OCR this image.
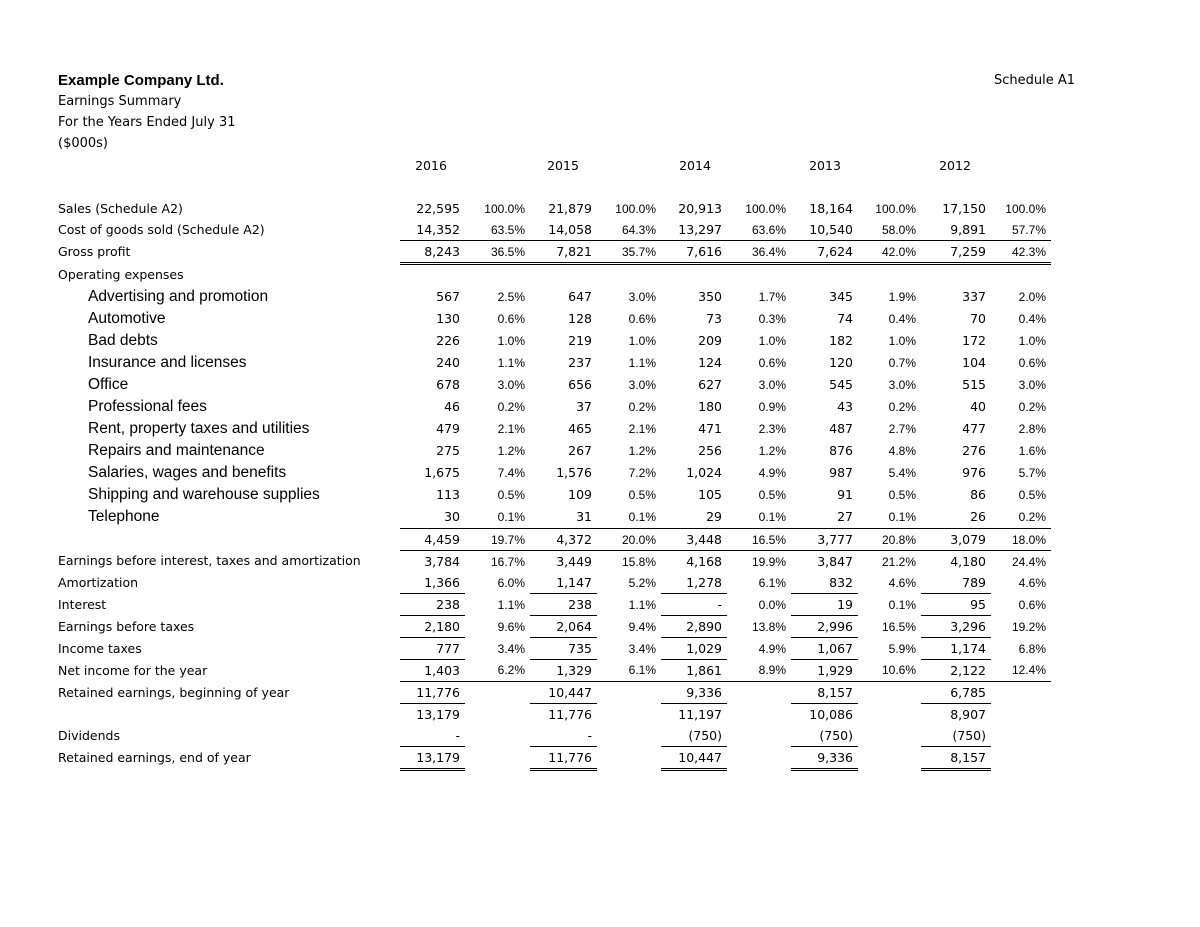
Example Company Ltd.
Earnings Summary
For the Years Ended July 31
($000s)
Schedule A1
2016	2015	2014	2013	2012
Sales (Schedule A2)	22,595	100.0%	21,879	100.0%	20,913	100.0%	18,164	100.0%	17,150	100.0%
Cost of goods sold (Schedule A2)	14,352	63.5%	14,058	64.3%	13,297	63.6%	10,540	58.0%	9,891	57.7%
Gross profit	8,243	36.5%	7,821	35.7%	7,616	36.4%	7,624	42.0%	7,259	42.3%
Operating expenses										
Advertising and promotion	567	2.5%	647	3.0%	350	1.7%	345	1.9%	337	2.0%
Automotive	130	0.6%	128	0.6%	73	0.3%	74	0.4%	70	0.4%
Bad debts	226	1.0%	219	1.0%	209	1.0%	182	1.0%	172	1.0%
Insurance and licenses	240	1.1%	237	1.1%	124	0.6%	120	0.7%	104	0.6%
Office	678	3.0%	656	3.0%	627	3.0%	545	3.0%	515	3.0%
Professional fees	46	0.2%	37	0.2%	180	0.9%	43	0.2%	40	0.2%
Rent, property taxes and utilities	479	2.1%	465	2.1%	471	2.3%	487	2.7%	477	2.8%
Repairs and maintenance	275	1.2%	267	1.2%	256	1.2%	876	4.8%	276	1.6%
Salaries, wages and benefits	1,675	7.4%	1,576	7.2%	1,024	4.9%	987	5.4%	976	5.7%
Shipping and warehouse supplies	113	0.5%	109	0.5%	105	0.5%	91	0.5%	86	0.5%
Telephone	30	0.1%	31	0.1%	29	0.1%	27	0.1%	26	0.2%
	4,459	19.7%	4,372	20.0%	3,448	16.5%	3,777	20.8%	3,079	18.0%
Earnings before interest, taxes and amortization	3,784	16.7%	3,449	15.8%	4,168	19.9%	3,847	21.2%	4,180	24.4%
Amortization	1,366	6.0%	1,147	5.2%	1,278	6.1%	832	4.6%	789	4.6%
Interest	238	1.1%	238	1.1%	-	0.0%	19	0.1%	95	0.6%
Earnings before taxes	2,180	9.6%	2,064	9.4%	2,890	13.8%	2,996	16.5%	3,296	19.2%
Income taxes	777	3.4%	735	3.4%	1,029	4.9%	1,067	5.9%	1,174	6.8%
Net income for the year	1,403	6.2%	1,329	6.1%	1,861	8.9%	1,929	10.6%	2,122	12.4%
Retained earnings, beginning of year	11,776		10,447		9,336		8,157		6,785	
	13,179		11,776		11,197		10,086		8,907	
Dividends	-		-		(750)		(750)		(750)	
Retained earnings, end of year	13,179		11,776		10,447		9,336		8,157	
